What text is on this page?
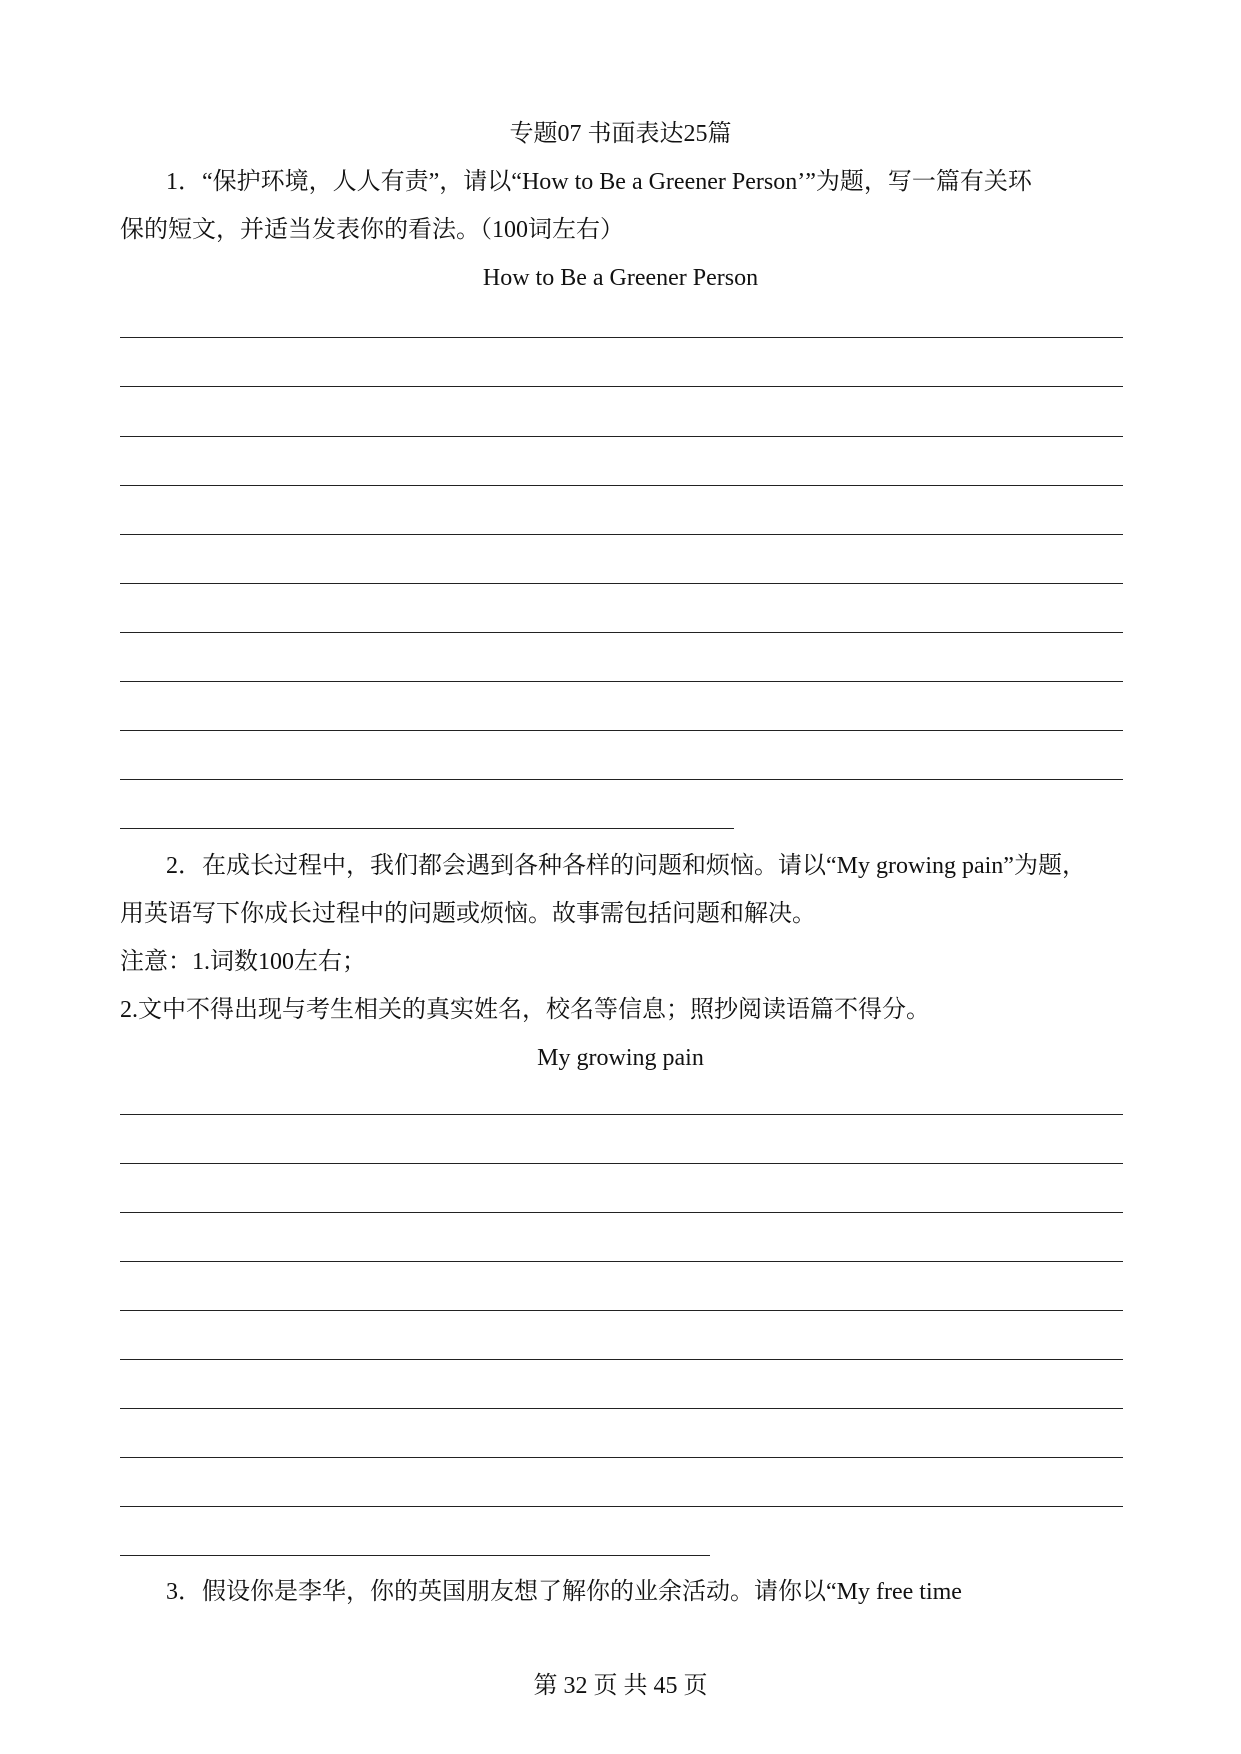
专题07 书面表达25篇
1．“保护环境，人人有责”，请以“How to Be a Greener Person’”为题，写一篇有关环
保的短文，并适当发表你的看法。（100词左右）
How to Be a Greener Person
2．在成长过程中，我们都会遇到各种各样的问题和烦恼。请以“My growing pain”为题，
用英语写下你成长过程中的问题或烦恼。故事需包括问题和解决。
注意：1.词数100左右；
2.文中不得出现与考生相关的真实姓名，校名等信息；照抄阅读语篇不得分。
My growing pain
3．假设你是李华，你的英国朋友想了解你的业余活动。请你以“My free time
第 32 页 共 45 页
